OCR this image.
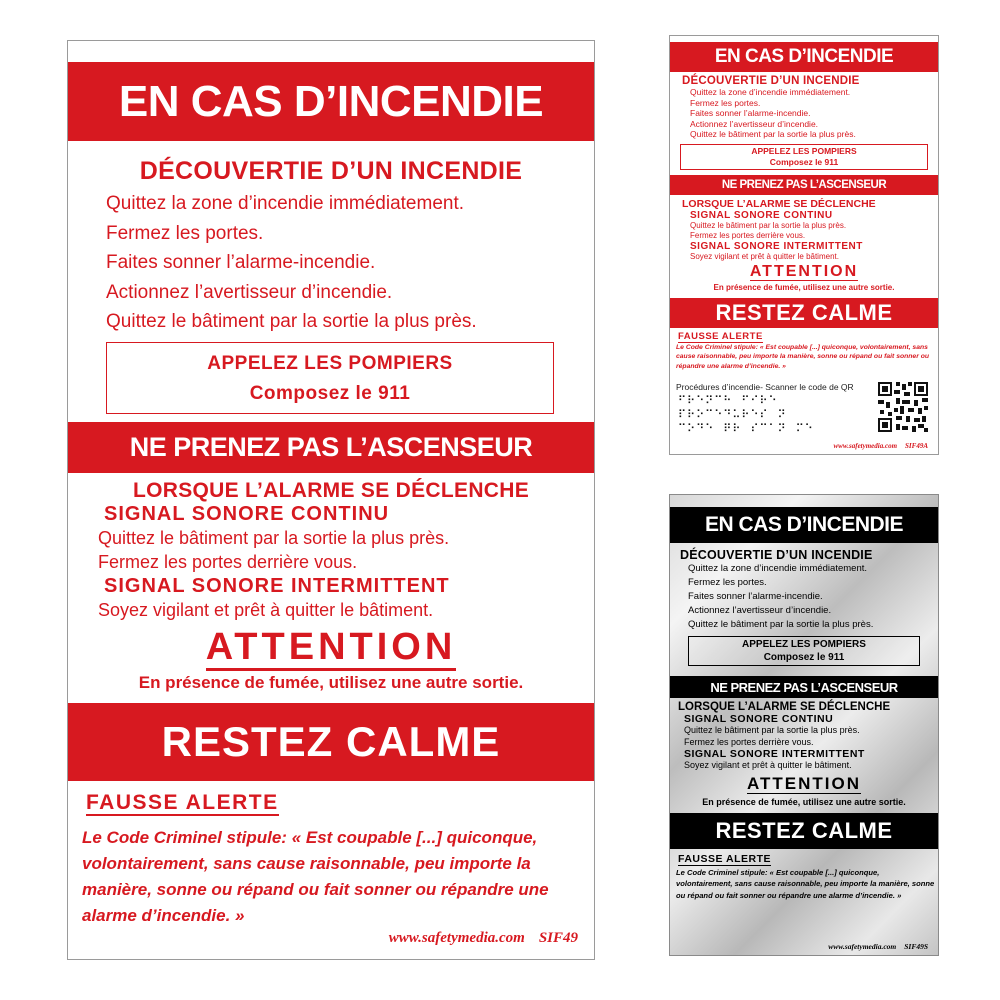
EN CAS D’INCENDIE
DÉCOUVERTIE D’UN INCENDIE
Quittez la zone d’incendie immédiatement.
Fermez les portes.
Faites sonner l’alarme-incendie.
Actionnez l’avertisseur d’incendie.
Quittez le bâtiment par la sortie la plus près.
APPELEZ LES POMPIERS
Composez le 911
NE PRENEZ PAS L’ASCENSEUR
LORSQUE L’ALARME SE DÉCLENCHE
SIGNAL SONORE CONTINU
Quittez le bâtiment par la sortie la plus près.
Fermez les portes derrière vous.
SIGNAL SONORE INTERMITTENT
Soyez vigilant et prêt à quitter le bâtiment.
ATTENTION
En présence de fumée, utilisez une autre sortie.
RESTEZ CALME
FAUSSE ALERTE
Le Code Criminel stipule: « Est coupable [...] quiconque, volontairement, sans cause raisonnable, peu importe la manière, sonne ou répand ou fait sonner ou répandre une alarme d’incendie. »
www.safetymedia.com SIF49
EN CAS D’INCENDIE
DÉCOUVERTIE D’UN INCENDIE
Quittez la zone d’incendie immédiatement.
Fermez les portes.
Faites sonner l’alarme-incendie.
Actionnez l’avertisseur d’incendie.
Quittez le bâtiment par la sortie la plus près.
APPELEZ LES POMPIERS
Composez le 911
NE PRENEZ PAS L’ASCENSEUR
LORSQUE L’ALARME SE DÉCLENCHE
SIGNAL SONORE CONTINU
Quittez le bâtiment par la sortie la plus près.
Fermez les portes derrière vous.
SIGNAL SONORE INTERMITTENT
Soyez vigilant et prêt à quitter le bâtiment.
ATTENTION
En présence de fumée, utilisez une autre sortie.
RESTEZ CALME
FAUSSE ALERTE
Le Code Criminel stipule: « Est coupable [...] quiconque, volontairement, sans cause raisonnable, peu importe la manière, sonne ou répand ou fait sonner ou répandre une alarme d’incendie. »
Procédures d’incendie- Scanner le code de QR
⠋⠗⠑⠝⠉⠓⠀⠋⠊⠗⠑
⠏⠗⠕⠉⠑⠙⠥⠗⠑⠎⠀⠝
⠉⠕⠙⠑⠀⠟⠗⠀⠎⠉⠁⠝⠀⠍⠑
www.safetymedia.com SIF49A
EN CAS D’INCENDIE
DÉCOUVERTIE D’UN INCENDIE
Quittez la zone d’incendie immédiatement.
Fermez les portes.
Faites sonner l’alarme-incendie.
Actionnez l’avertisseur d’incendie.
Quittez le bâtiment par la sortie la plus près.
APPELEZ LES POMPIERS
Composez le 911
NE PRENEZ PAS L’ASCENSEUR
LORSQUE L’ALARME SE DÉCLENCHE
SIGNAL SONORE CONTINU
Quittez le bâtiment par la sortie la plus près.
Fermez les portes derrière vous.
SIGNAL SONORE INTERMITTENT
Soyez vigilant et prêt à quitter le bâtiment.
ATTENTION
En présence de fumée, utilisez une autre sortie.
RESTEZ CALME
FAUSSE ALERTE
Le Code Criminel stipule: « Est coupable [...] quiconque, volontairement, sans cause raisonnable, peu importe la manière, sonne ou répand ou fait sonner ou répandre une alarme d’incendie. »
www.safetymedia.com SIF49S
